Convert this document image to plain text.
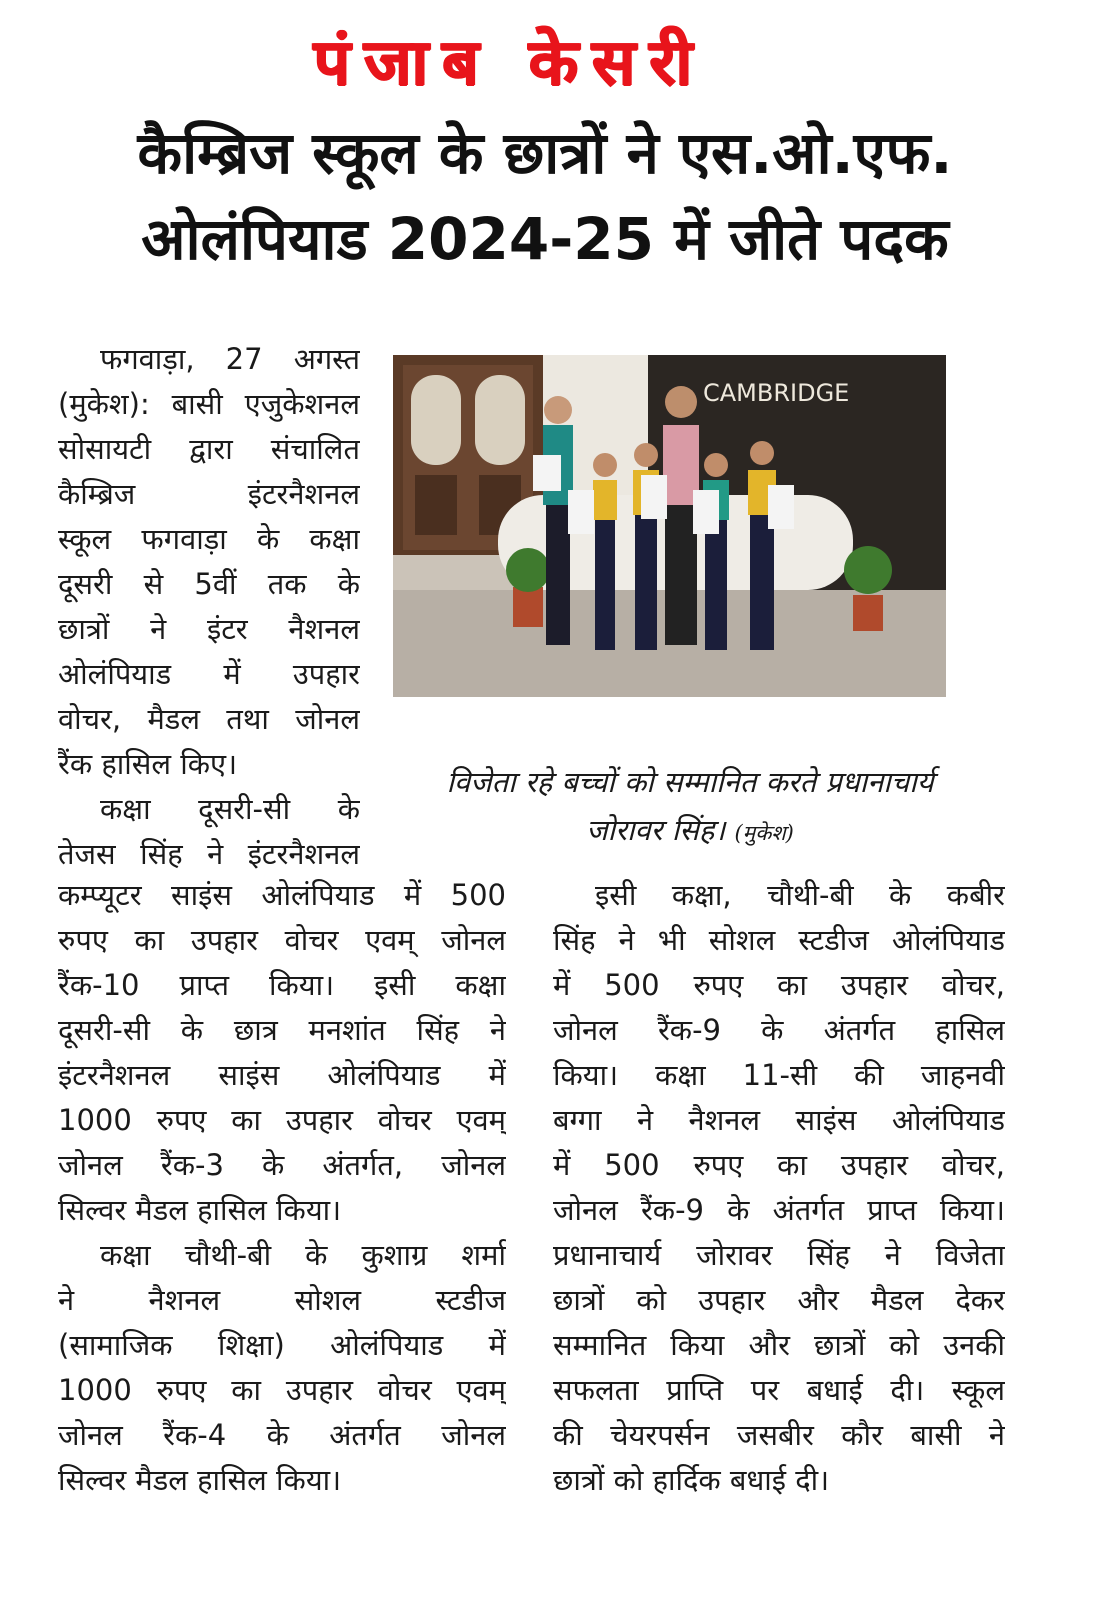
पंजाब केसरी
कैम्ब्रिज स्कूल के छात्रों ने एस.ओ.एफ.
ओलंपियाड 2024-25 में जीते पदक
फगवाड़ा, 27 अगस्त
(मुकेश): बासी एजुकेशनल
सोसायटी द्वारा संचालित
कैम्ब्रिज इंटरनैशनल
स्कूल फगवाड़ा के कक्षा
दूसरी से 5वीं तक के
छात्रों ने इंटर नैशनल
ओलंपियाड में उपहार
वोचर, मैडल तथा जोनल
रैंक हासिल किए।
कक्षा दूसरी-सी के
तेजस सिंह ने इंटरनैशनल
CAMBRIDGE
विजेता रहे बच्चों को सम्मानित करते प्रधानाचार्य
जोरावर सिंह। (मुकेश)
कम्प्यूटर साइंस ओलंपियाड में 500
रुपए का उपहार वोचर एवम् जोनल
रैंक-10 प्राप्त किया। इसी कक्षा
दूसरी-सी के छात्र मनशांत सिंह ने
इंटरनैशनल साइंस ओलंपियाड में
1000 रुपए का उपहार वोचर एवम्
जोनल रैंक-3 के अंतर्गत, जोनल
सिल्वर मैडल हासिल किया।
कक्षा चौथी-बी के कुशाग्र शर्मा
ने नैशनल सोशल स्टडीज
(सामाजिक शिक्षा) ओलंपियाड में
1000 रुपए का उपहार वोचर एवम्
जोनल रैंक-4 के अंतर्गत जोनल
सिल्वर मैडल हासिल किया।
इसी कक्षा, चौथी-बी के कबीर
सिंह ने भी सोशल स्टडीज ओलंपियाड
में 500 रुपए का उपहार वोचर,
जोनल रैंक-9 के अंतर्गत हासिल
किया। कक्षा 11-सी की जाहनवी
बग्गा ने नैशनल साइंस ओलंपियाड
में 500 रुपए का उपहार वोचर,
जोनल रैंक-9 के अंतर्गत प्राप्त किया।
प्रधानाचार्य जोरावर सिंह ने विजेता
छात्रों को उपहार और मैडल देकर
सम्मानित किया और छात्रों को उनकी
सफलता प्राप्ति पर बधाई दी। स्कूल
की चेयरपर्सन जसबीर कौर बासी ने
छात्रों को हार्दिक बधाई दी।
